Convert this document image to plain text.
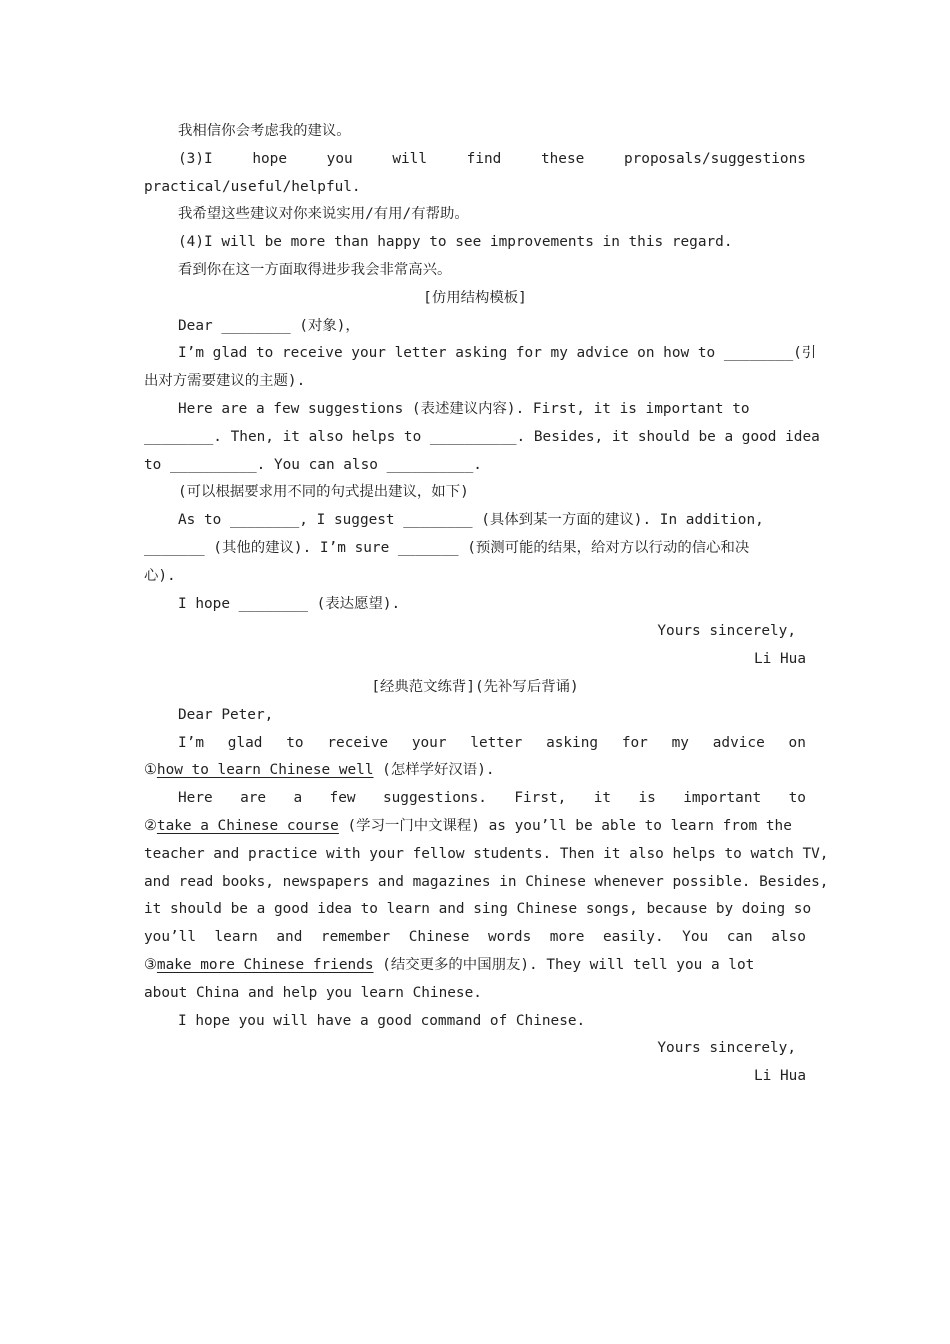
我相信你会考虑我的建议。
(3)I	hope	you	will	find	these	proposals/suggestions
practical/useful/helpful.
我希望这些建议对你来说实用/有用/有帮助。
(4)I will be more than happy to see improvements in this regard.
看到你在这一方面取得进步我会非常高兴。
[仿用结构模板]
Dear ________ (对象)，
I’m glad to receive your letter asking for my advice on how to ________(引
出对方需要建议的主题).
Here are a few suggestions (表述建议内容). First, it is important to
________. Then, it also helps to __________. Besides, it should be a good idea
to __________. You can also __________.
(可以根据要求用不同的句式提出建议，如下)
As to ________, I suggest ________ (具体到某一方面的建议). In addition,
_______ (其他的建议). I’m sure _______ (预测可能的结果，给对方以行动的信心和决
心).
I hope ________ (表达愿望).
Yours sincerely,
Li Hua
[经典范文练背](先补写后背诵)
Dear Peter,
I’m glad to receive your letter asking for my advice on
①how to learn Chinese well (怎样学好汉语).
Here are a few suggestions. First, it is important to
②take a Chinese course (学习一门中文课程) as you’ll be able to learn from the
teacher and practice with your fellow students. Then it also helps to watch TV,
and read books, newspapers and magazines in Chinese whenever possible. Besides,
it should be a good idea to learn and sing Chinese songs, because by doing so
you’ll learn and remember Chinese words more easily. You can also
③make more Chinese friends (结交更多的中国朋友). They will tell you a lot
about China and help you learn Chinese.
I hope you will have a good command of Chinese.
Yours sincerely,
Li Hua
